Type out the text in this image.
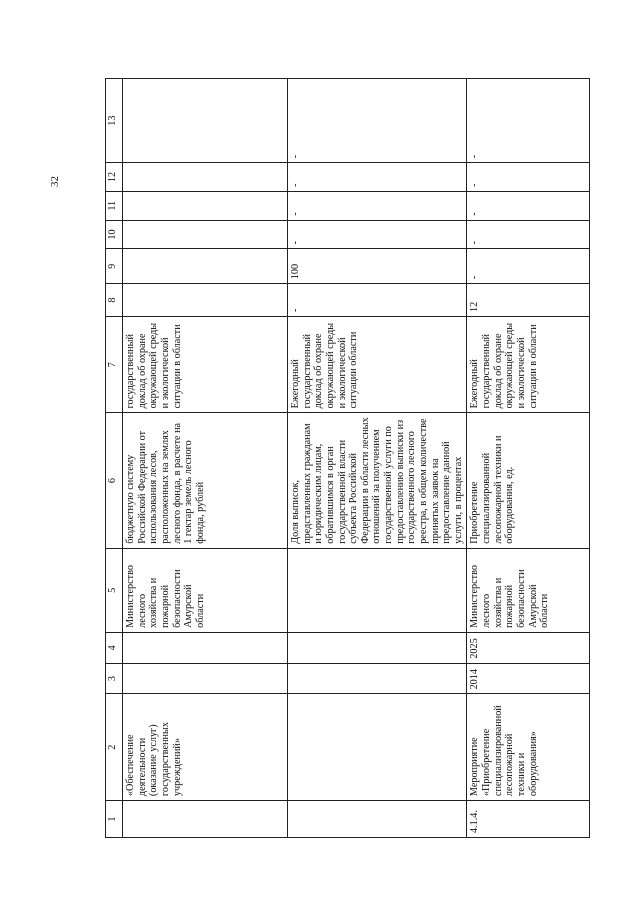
32
1	2	3	4	5	6	7	8	9	10	11	12	13
	«Обеспечение деятельности (оказание услуг) государственных учреждений»			Министерство лесного хозяйства и пожарной безопасности Амурской области	бюджетную систему Российской Федерации от использования лесов, расположенных на землях лесного фонда, в расчете на 1 гектар земель лесного фонда, рублей	государственный доклад об охране окружающей среды и экологической ситуации в области						
					Доля выписок, представленных гражданам и юридическим лицам, обратившимся в орган государственной власти субъекта Российской Федерации в области лесных отношений за получением государственной услуги по предоставлению выписки из государственного лесного реестра, в общем количестве принятых заявок на предоставление данной услуги, в процентах	Ежегодный государственный доклад об охране окружающей среды и экологической ситуации области	-	100	-	-	-	-
4.1.4.	Мероприятие «Приобретение специализированной лесопожарной техники и оборудования»	2014	2025	Министерство лесного хозяйства и пожарной безопасности Амурской области	Приобретение специализированной лесопожарной техники и оборудования, ед.	Ежегодный государственный доклад об охране окружающей среды и экологической ситуации в области	12	-	-	-	-	-
